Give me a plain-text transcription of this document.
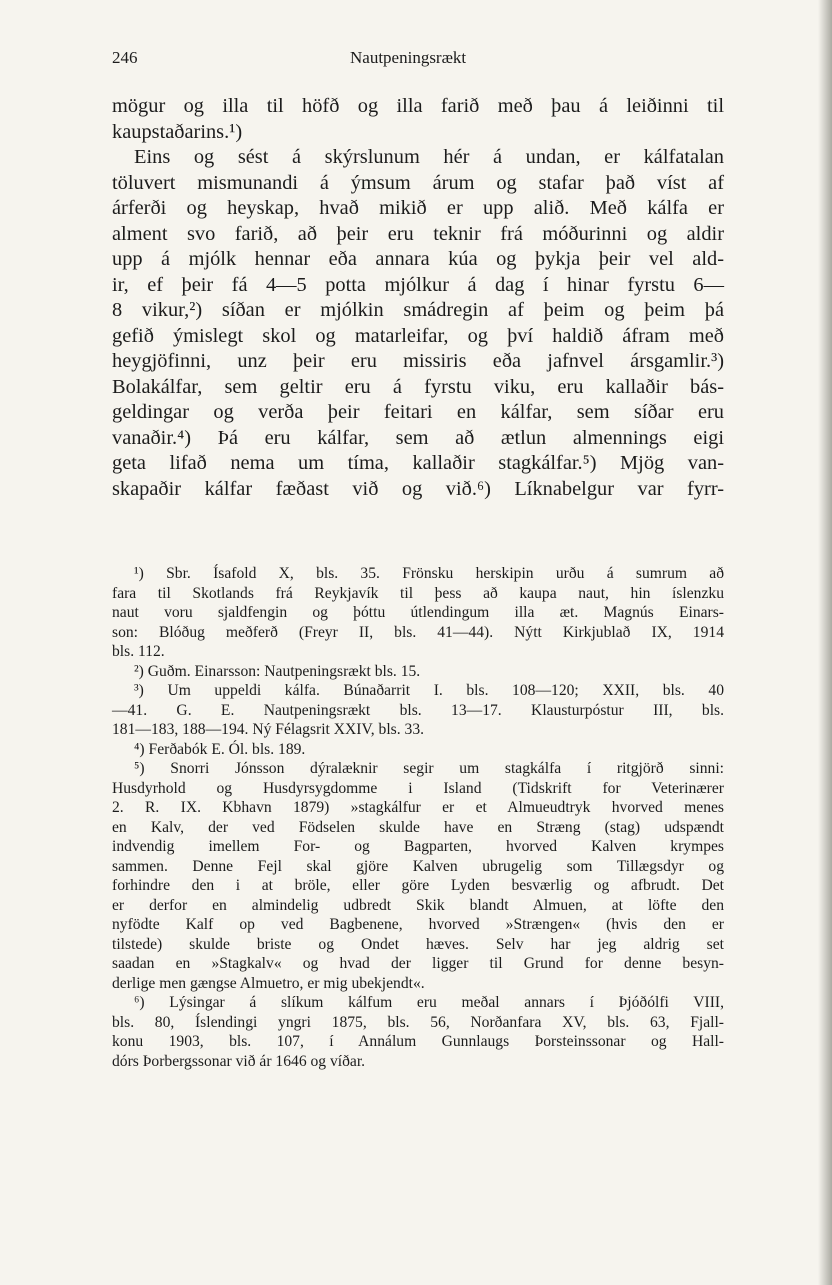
246	Nautpeningsrækt

mögur og illa til höfð og illa farið með þau á leiðinni til

kaupstaðarins.¹)

Eins og sést á skýrslunum hér á undan, er kálfatalan

töluvert mismunandi á ýmsum árum og stafar það víst af

árferði og heyskap, hvað mikið er upp alið. Með kálfa er

alment svo farið, að þeir eru teknir frá móðurinni og aldir

upp á mjólk hennar eða annara kúa og þykja þeir vel ald-

ir, ef þeir fá 4—5 potta mjólkur á dag í hinar fyrstu 6—

8 vikur,²) síðan er mjólkin smádregin af þeim og þeim þá

gefið ýmislegt skol og matarleifar, og því haldið áfram með

heygjöfinni, unz þeir eru missiris eða jafnvel ársgamlir.³)

Bolakálfar, sem geltir eru á fyrstu viku, eru kallaðir bás-

geldingar og verða þeir feitari en kálfar, sem síðar eru

vanaðir.⁴) Þá eru kálfar, sem að ætlun almennings eigi

geta lifað nema um tíma, kallaðir stagkálfar.⁵) Mjög van-

skapaðir kálfar fæðast við og við.⁶) Líknabelgur var fyrr-

¹) Sbr. Ísafold X, bls. 35. Frönsku herskipin urðu á sumrum að

fara til Skotlands frá Reykjavík til þess að kaupa naut, hin íslenzku

naut voru sjaldfengin og þóttu útlendingum illa æt. Magnús Einars-

son: Blóðug meðferð (Freyr II, bls. 41—44). Nýtt Kirkjublað IX, 1914

bls. 112.

²) Guðm. Einarsson: Nautpeningsrækt bls. 15.

³) Um uppeldi kálfa. Búnaðarrit I. bls. 108—120; XXII, bls. 40

—41. G. E. Nautpeningsrækt bls. 13—17. Klausturpóstur III, bls.

181—183, 188—194. Ný Félagsrit XXIV, bls. 33.

⁴) Ferðabók E. Ól. bls. 189.

⁵) Snorri Jónsson dýralæknir segir um stagkálfa í ritgjörð sinni:

Husdyrhold og Husdyrsygdomme i Island (Tidskrift for Veterinærer

2. R. IX. Kbhavn 1879) »stagkálfur er et Almueudtryk hvorved menes

en Kalv, der ved Födselen skulde have en Stræng (stag) udspændt

indvendig imellem For- og Bagparten, hvorved Kalven krympes

sammen. Denne Fejl skal gjöre Kalven ubrugelig som Tillægsdyr og

forhindre den i at bröle, eller göre Lyden besværlig og afbrudt. Det

er derfor en almindelig udbredt Skik blandt Almuen, at löfte den

nyfödte Kalf op ved Bagbenene, hvorved »Strængen« (hvis den er

tilstede) skulde briste og Ondet hæves. Selv har jeg aldrig set

saadan en »Stagkalv« og hvad der ligger til Grund for denne besyn-

derlige men gængse Almuetro, er mig ubekjendt«.

⁶) Lýsingar á slíkum kálfum eru meðal annars í Þjóðólfi VIII,

bls. 80, Íslendingi yngri 1875, bls. 56, Norðanfara XV, bls. 63, Fjall-

konu 1903, bls. 107, í Annálum Gunnlaugs Þorsteinssonar og Hall-

dórs Þorbergssonar við ár 1646 og víðar.
